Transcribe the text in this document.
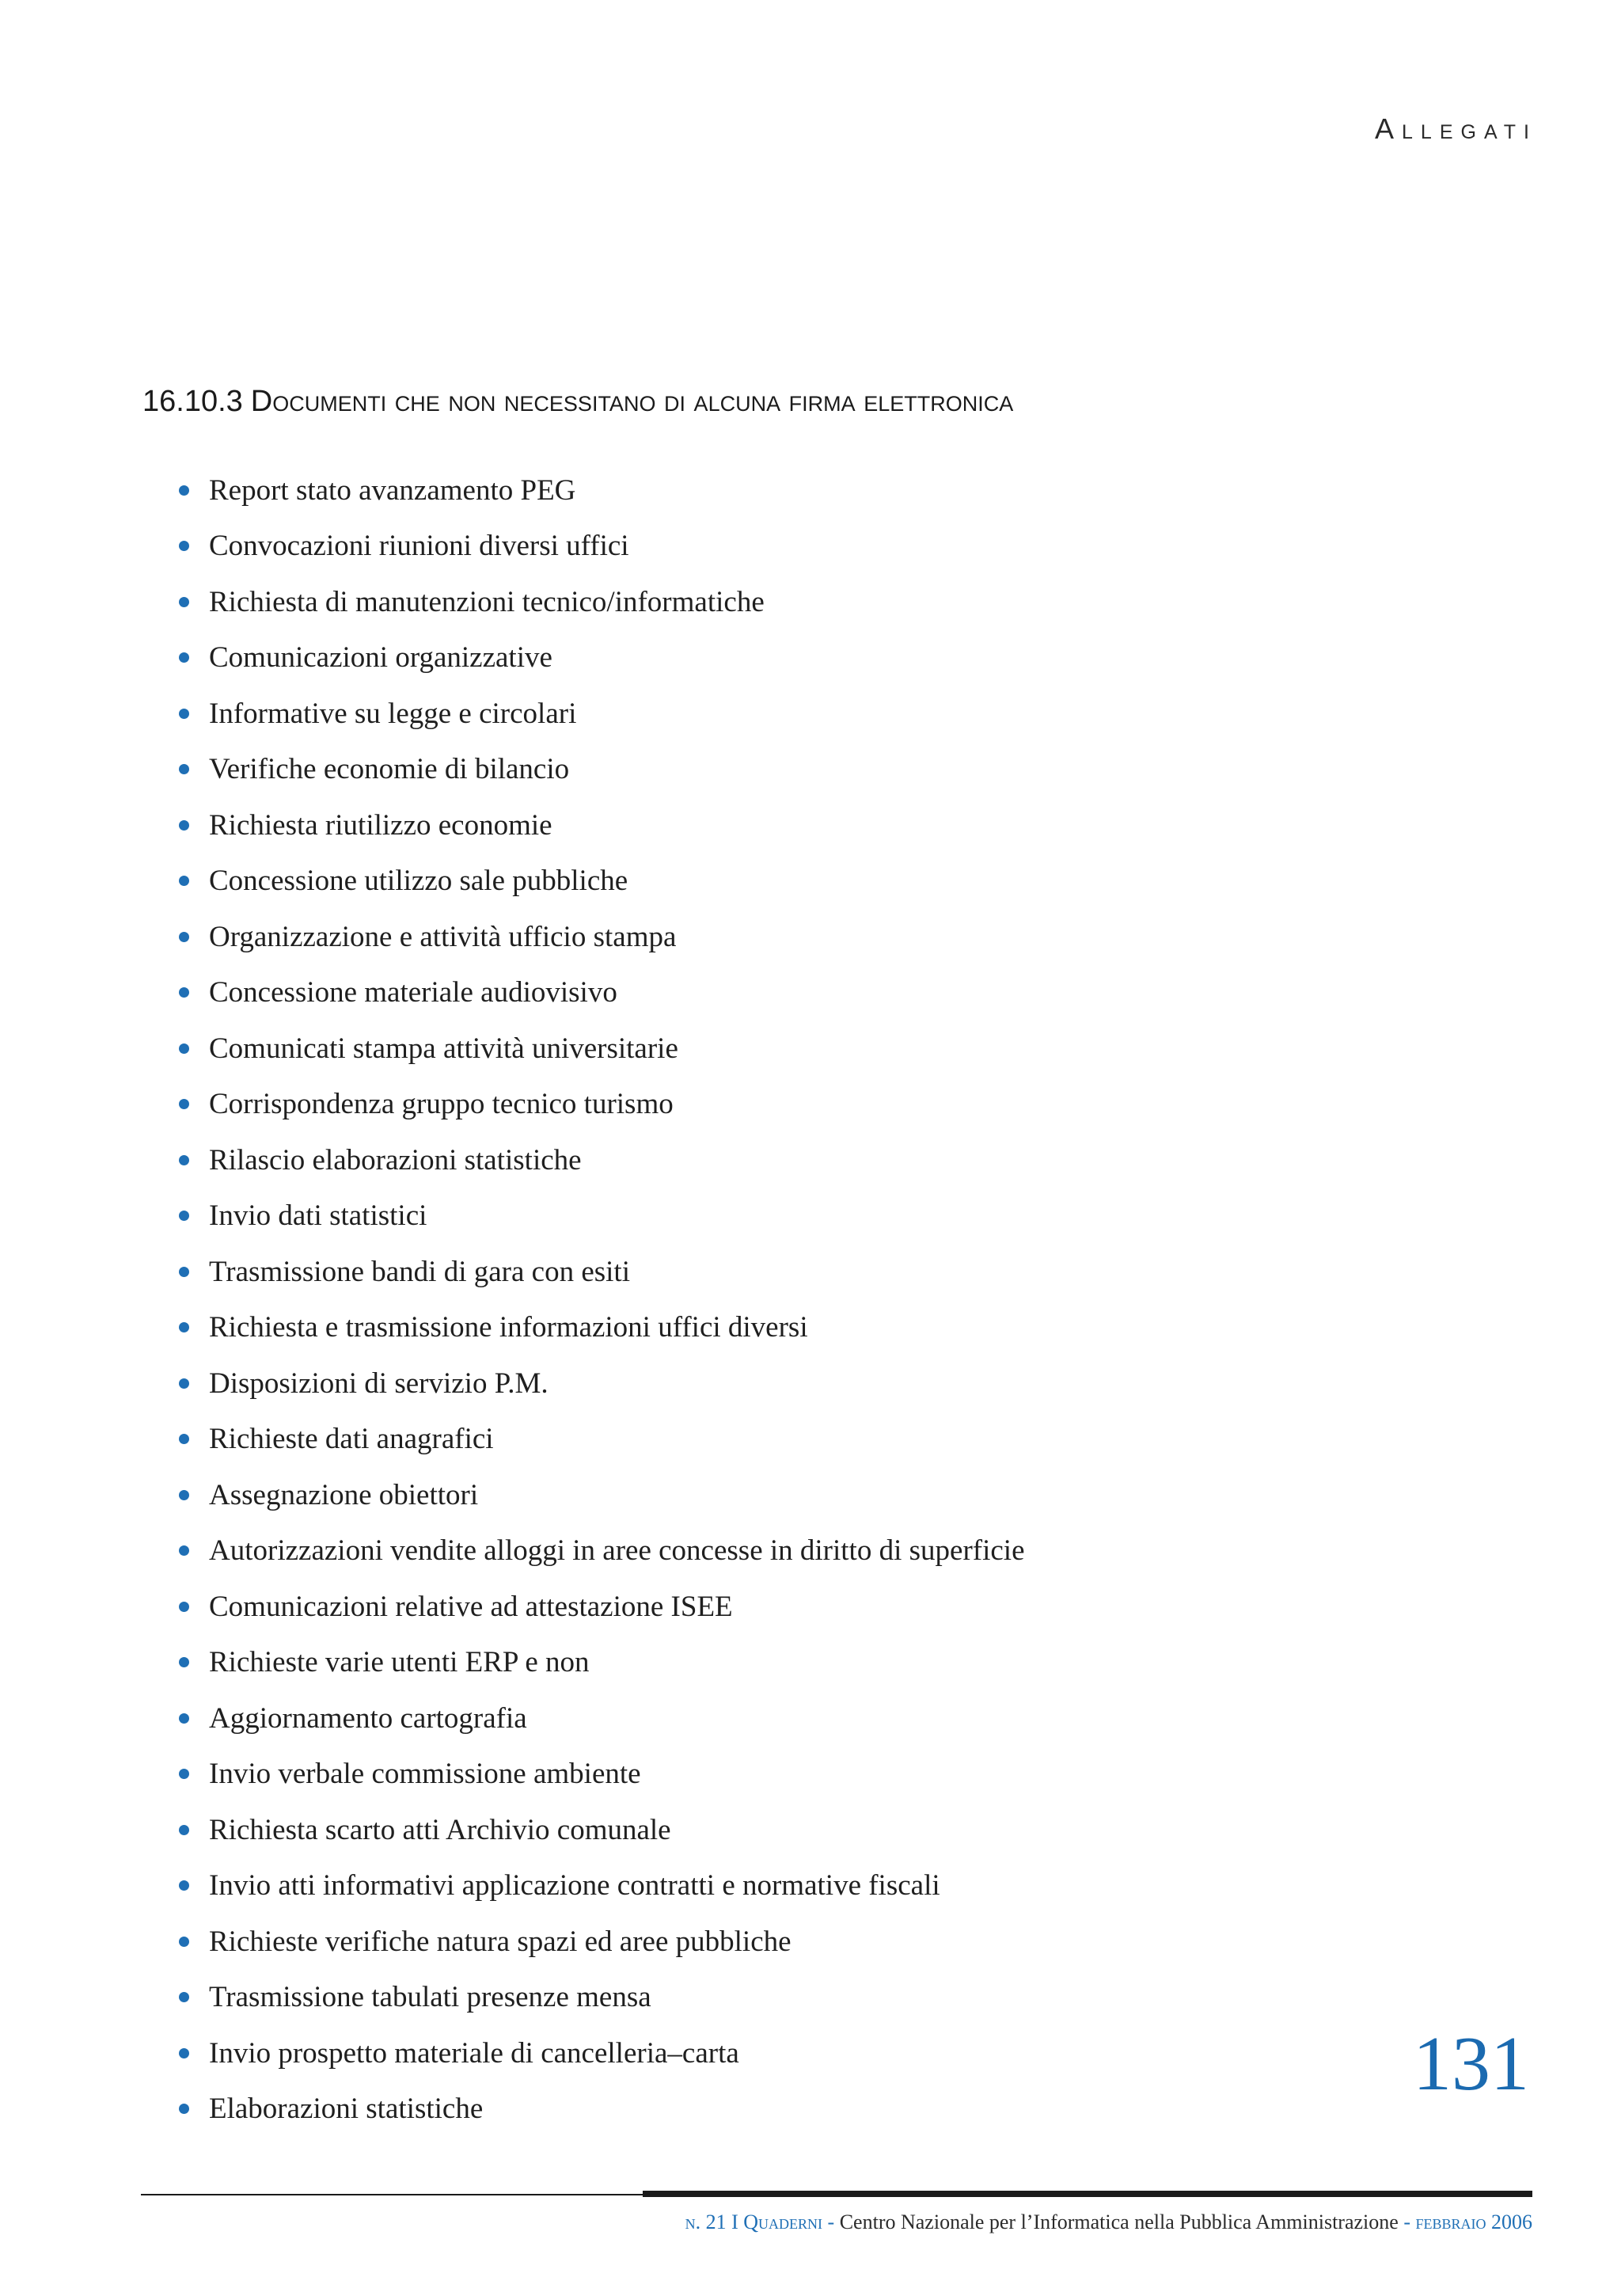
Allegati
16.10.3 Documenti che non necessitano di alcuna firma elettronica
Report stato avanzamento PEG
Convocazioni riunioni diversi uffici
Richiesta di manutenzioni tecnico/informatiche
Comunicazioni organizzative
Informative su legge e circolari
Verifiche economie di bilancio
Richiesta riutilizzo economie
Concessione utilizzo sale pubbliche
Organizzazione e attività ufficio stampa
Concessione materiale audiovisivo
Comunicati stampa attività universitarie
Corrispondenza gruppo tecnico turismo
Rilascio elaborazioni statistiche
Invio dati statistici
Trasmissione bandi di gara con esiti
Richiesta e trasmissione informazioni uffici diversi
Disposizioni di servizio P.M.
Richieste dati anagrafici
Assegnazione obiettori
Autorizzazioni vendite alloggi in aree concesse in diritto di superficie
Comunicazioni relative ad attestazione ISEE
Richieste varie utenti ERP e non
Aggiornamento cartografia
Invio verbale commissione ambiente
Richiesta scarto atti Archivio comunale
Invio atti informativi applicazione contratti e normative fiscali
Richieste verifiche natura spazi ed aree pubbliche
Trasmissione tabulati presenze mensa
Invio prospetto materiale di cancelleria–carta
Elaborazioni statistiche
131
n. 21 I Quaderni - Centro Nazionale per l’Informatica nella Pubblica Amministrazione - febbraio 2006
